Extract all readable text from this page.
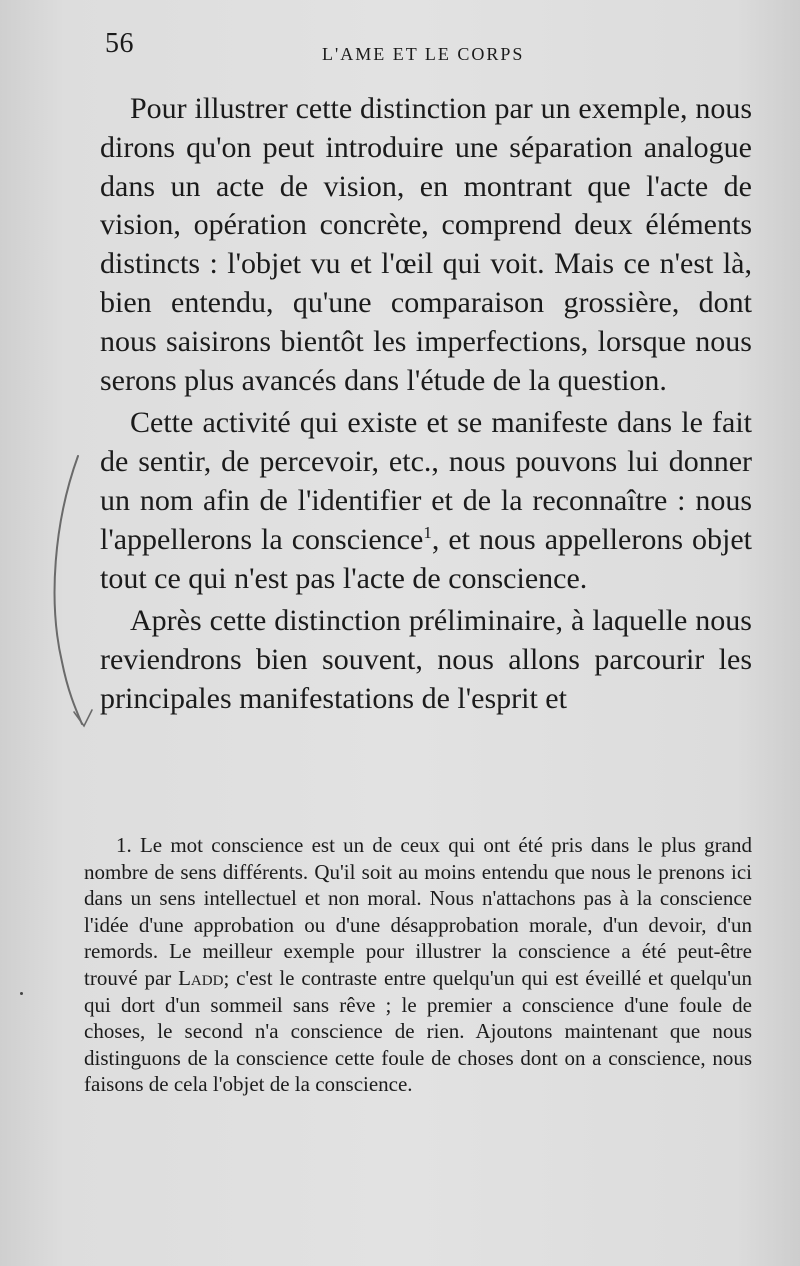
56	L'AME ET LE CORPS

Pour illustrer cette distinction par un exemple, nous dirons qu'on peut introduire une séparation analogue dans un acte de vision, en montrant que l'acte de vision, opération concrète, comprend deux éléments distincts : l'objet vu et l'œil qui voit. Mais ce n'est là, bien entendu, qu'une comparaison grossière, dont nous saisirons bientôt les imperfections, lorsque nous serons plus avancés dans l'étude de la question.

Cette activité qui existe et se manifeste dans le fait de sentir, de percevoir, etc., nous pouvons lui donner un nom afin de l'identifier et de la reconnaître : nous l'appellerons la conscience$^1$, et nous appellerons objet tout ce qui n'est pas l'acte de conscience.

Après cette distinction préliminaire, à laquelle nous reviendrons bien souvent, nous allons parcourir les principales manifestations de l'esprit et

1. Le mot conscience est un de ceux qui ont été pris dans le plus grand nombre de sens différents. Qu'il soit au moins entendu que nous le prenons ici dans un sens intellectuel et non moral. Nous n'attachons pas à la conscience l'idée d'une approbation ou d'une désapprobation morale, d'un devoir, d'un remords. Le meilleur exemple pour illustrer la conscience a été peut-être trouvé par Ladd; c'est le contraste entre quelqu'un qui est éveillé et quelqu'un qui dort d'un sommeil sans rêve ; le premier a conscience d'une foule de choses, le second n'a conscience de rien. Ajoutons maintenant que nous distinguons de la conscience cette foule de choses dont on a conscience, nous faisons de cela l'objet de la conscience.
